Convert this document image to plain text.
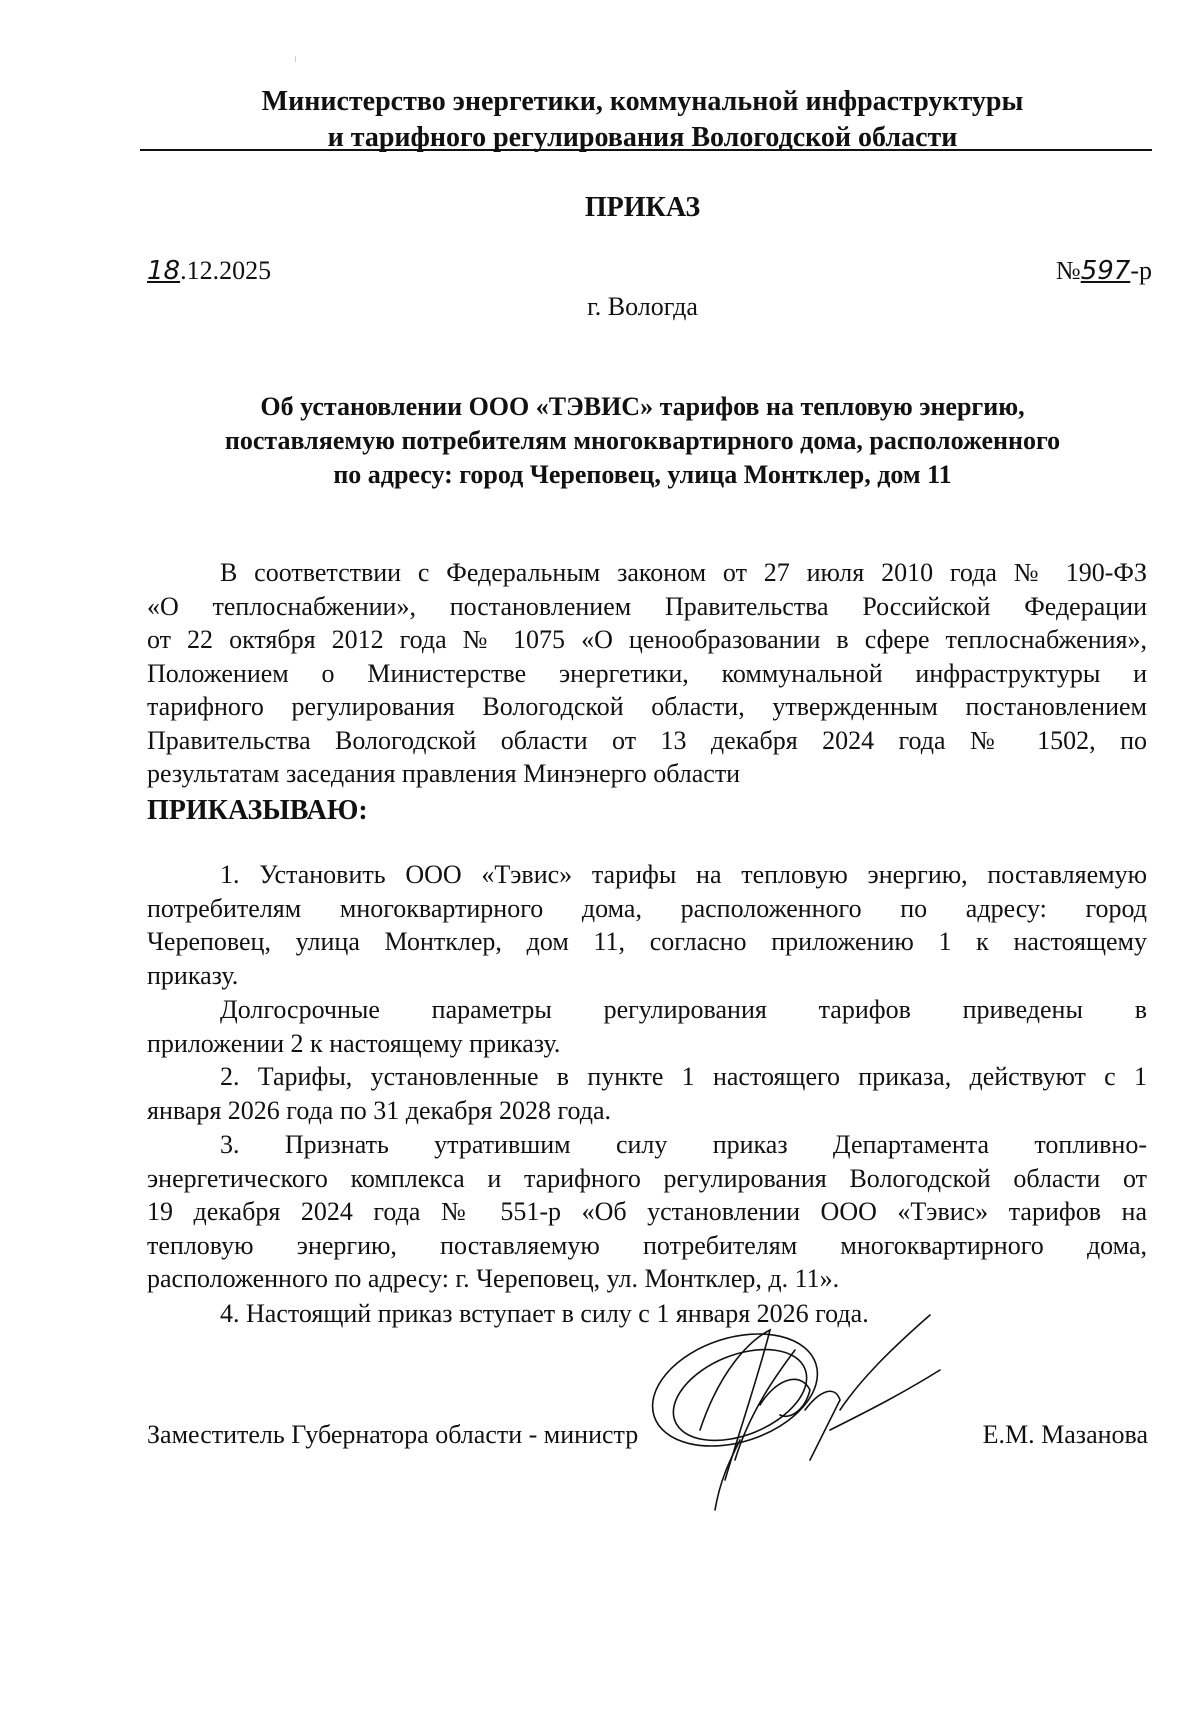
Министерство энергетики, коммунальной инфраструктуры
и тарифного регулирования Вологодской области
ПРИКАЗ
18.12.2025	№597-р
г. Вологда
Об установлении ООО «ТЭВИС» тарифов на тепловую энергию,
поставляемую потребителям многоквартирного дома, расположенного
по адресу: город Череповец, улица Монтклер, дом 11
В соответствии с Федеральным законом от 27 июля 2010 года № 190-ФЗ
«О теплоснабжении», постановлением Правительства Российской Федерации
от 22 октября 2012 года № 1075 «О ценообразовании в сфере теплоснабжения»,
Положением о Министерстве энергетики, коммунальной инфраструктуры и
тарифного регулирования Вологодской области, утвержденным постановлением
Правительства Вологодской области от 13 декабря 2024 года № 1502, по
результатам заседания правления Минэнерго области
ПРИКАЗЫВАЮ:
1. Установить ООО «Тэвис» тарифы на тепловую энергию, поставляемую
потребителям многоквартирного дома, расположенного по адресу: город
Череповец, улица Монтклер, дом 11, согласно приложению 1 к настоящему
приказу.
Долгосрочные параметры регулирования тарифов приведены в
приложении 2 к настоящему приказу.
2. Тарифы, установленные в пункте 1 настоящего приказа, действуют с 1
января 2026 года по 31 декабря 2028 года.
3. Признать утратившим силу приказ Департамента топливно-
энергетического комплекса и тарифного регулирования Вологодской области от
19 декабря 2024 года № 551-р «Об установлении ООО «Тэвис» тарифов на
тепловую энергию, поставляемую потребителям многоквартирного дома,
расположенного по адресу: г. Череповец, ул. Монтклер, д. 11».
4. Настоящий приказ вступает в силу с 1 января 2026 года.
Заместитель Губернатора области - министр	Е.М. Мазанова
